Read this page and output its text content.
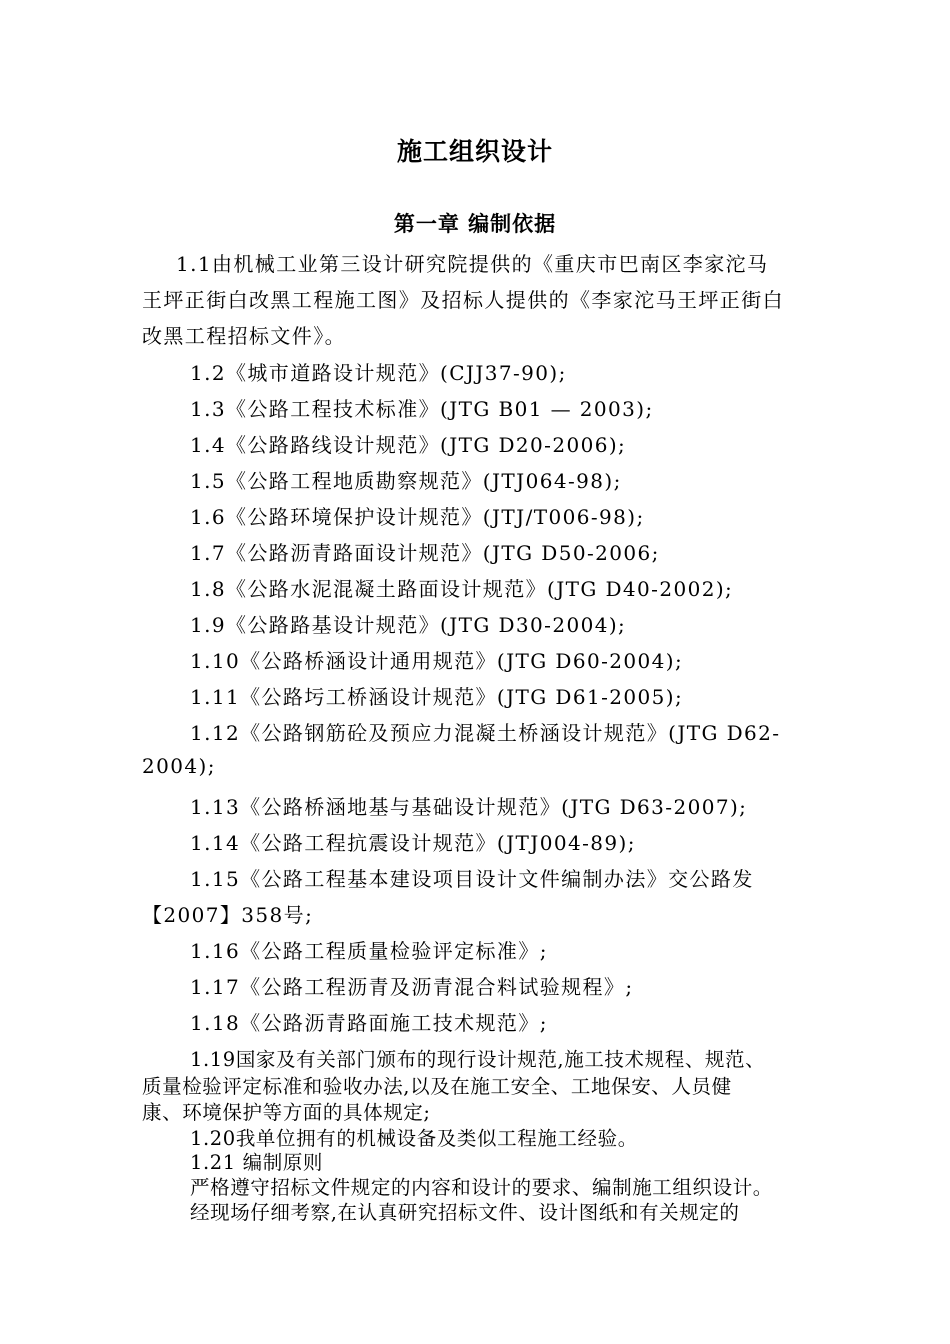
施工组织设计
第一章 编制依据
1.1由机械工业第三设计研究院提供的《重庆市巴南区李家沱马
王坪正街白改黑工程施工图》及招标人提供的《李家沱马王坪正街白
改黑工程招标文件》。
1.2《城市道路设计规范》(CJJ37-90);
1.3《公路工程技术标准》(JTG B01 — 2003);
1.4《公路路线设计规范》(JTG D20-2006);
1.5《公路工程地质勘察规范》(JTJ064-98);
1.6《公路环境保护设计规范》(JTJ/T006-98);
1.7《公路沥青路面设计规范》(JTG D50-2006;
1.8《公路水泥混凝土路面设计规范》(JTG D40-2002);
1.9《公路路基设计规范》(JTG D30-2004);
1.10《公路桥涵设计通用规范》(JTG D60-2004);
1.11《公路圬工桥涵设计规范》(JTG D61-2005);
1.12《公路钢筋砼及预应力混凝土桥涵设计规范》(JTG D62-
2004);
1.13《公路桥涵地基与基础设计规范》(JTG D63-2007);
1.14《公路工程抗震设计规范》(JTJ004-89);
1.15《公路工程基本建设项目设计文件编制办法》交公路发
【2007】358号;
1.16《公路工程质量检验评定标准》;
1.17《公路工程沥青及沥青混合料试验规程》;
1.18《公路沥青路面施工技术规范》;
1.19国家及有关部门颁布的现行设计规范,施工技术规程、规范、
质量检验评定标准和验收办法,以及在施工安全、工地保安、人员健
康、环境保护等方面的具体规定;
1.20我单位拥有的机械设备及类似工程施工经验。
1.21 编制原则
严格遵守招标文件规定的内容和设计的要求、编制施工组织设计。
经现场仔细考察,在认真研究招标文件、设计图纸和有关规定的
